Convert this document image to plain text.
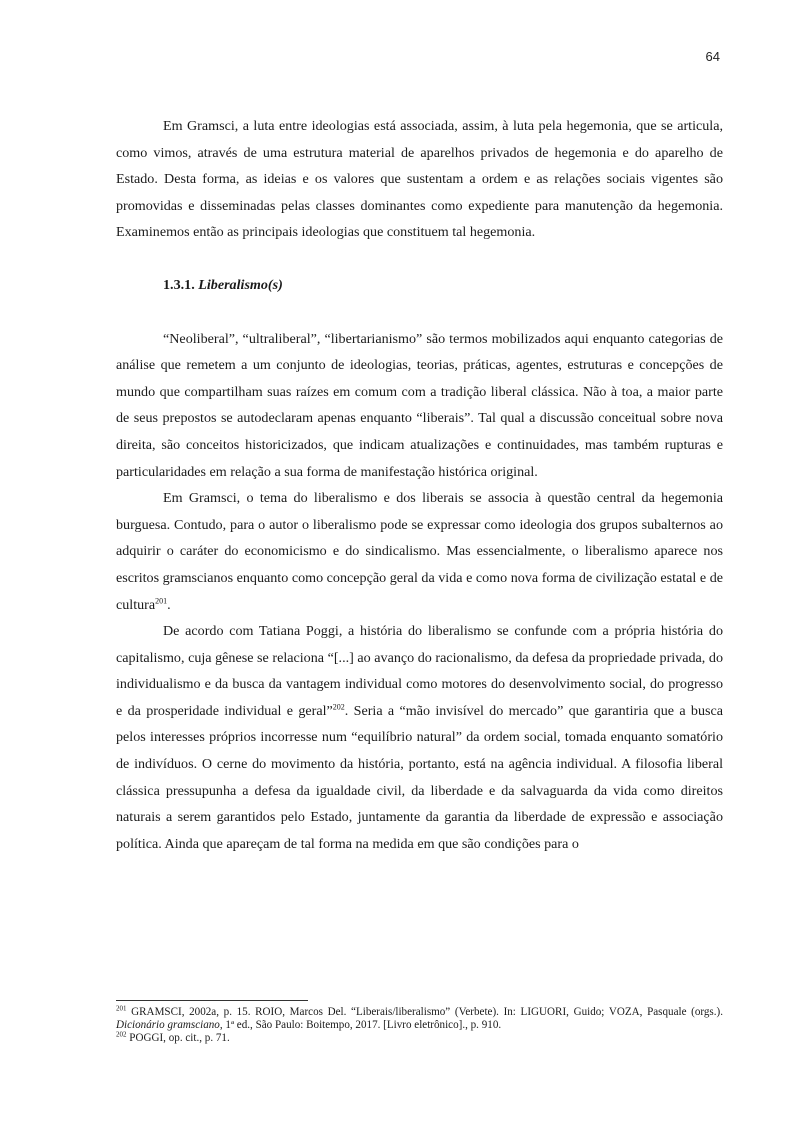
64

Em Gramsci, a luta entre ideologias está associada, assim, à luta pela hegemonia, que se articula, como vimos, através de uma estrutura material de aparelhos privados de hegemonia e do aparelho de Estado. Desta forma, as ideias e os valores que sustentam a ordem e as relações sociais vigentes são promovidas e disseminadas pelas classes dominantes como expediente para manutenção da hegemonia. Examinemos então as principais ideologias que constituem tal hegemonia.

1.3.1. Liberalismo(s)

“Neoliberal”, “ultraliberal”, “libertarianismo” são termos mobilizados aqui enquanto categorias de análise que remetem a um conjunto de ideologias, teorias, práticas, agentes, estruturas e concepções de mundo que compartilham suas raízes em comum com a tradição liberal clássica. Não à toa, a maior parte de seus prepostos se autodeclaram apenas enquanto “liberais”. Tal qual a discussão conceitual sobre nova direita, são conceitos historicizados, que indicam atualizações e continuidades, mas também rupturas e particularidades em relação a sua forma de manifestação histórica original.

Em Gramsci, o tema do liberalismo e dos liberais se associa à questão central da hegemonia burguesa. Contudo, para o autor o liberalismo pode se expressar como ideologia dos grupos subalternos ao adquirir o caráter do economicismo e do sindicalismo. Mas essencialmente, o liberalismo aparece nos escritos gramscianos enquanto como concepção geral da vida e como nova forma de civilização estatal e de cultura$^{201}$.

De acordo com Tatiana Poggi, a história do liberalismo se confunde com a própria história do capitalismo, cuja gênese se relaciona “[...] ao avanço do racionalismo, da defesa da propriedade privada, do individualismo e da busca da vantagem individual como motores do desenvolvimento social, do progresso e da prosperidade individual e geral”$^{202}$. Seria a “mão invisível do mercado” que garantiria que a busca pelos interesses próprios incorresse num “equilíbrio natural” da ordem social, tomada enquanto somatório de indivíduos. O cerne do movimento da história, portanto, está na agência individual. A filosofia liberal clássica pressupunha a defesa da igualdade civil, da liberdade e da salvaguarda da vida como direitos naturais a serem garantidos pelo Estado, juntamente da garantia da liberdade de expressão e associação política. Ainda que apareçam de tal forma na medida em que são condições para o

$^{201}$ GRAMSCI, 2002a, p. 15. ROIO, Marcos Del. “Liberais/liberalismo” (Verbete). In: LIGUORI, Guido; VOZA, Pasquale (orgs.). Dicionário gramsciano, 1ª ed., São Paulo: Boitempo, 2017. [Livro eletrônico]., p. 910.

$^{202}$ POGGI, op. cit., p. 71.
